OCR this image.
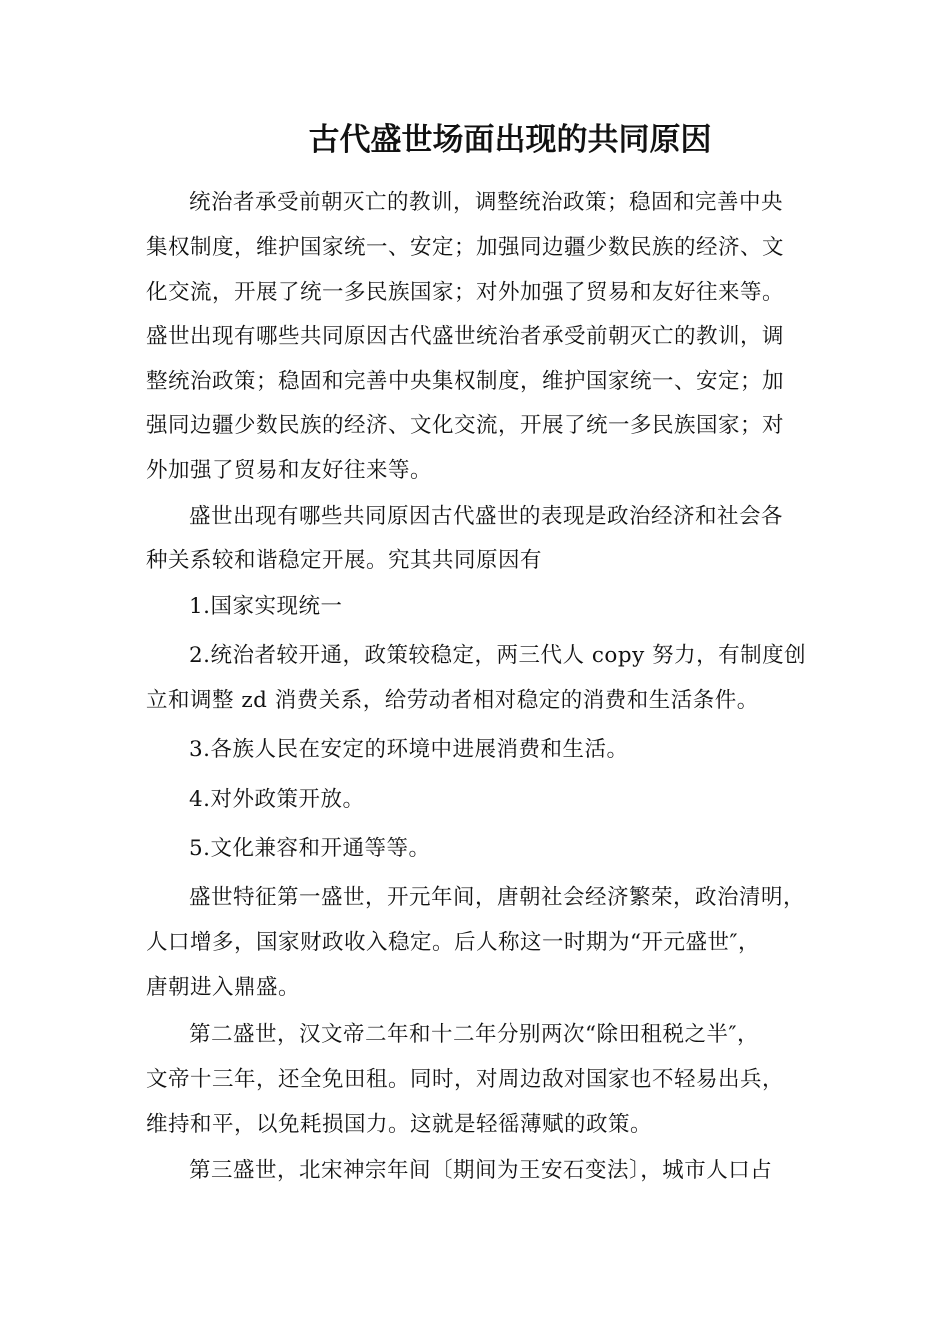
古代盛世场面出现的共同原因
统治者承受前朝灭亡的教训，调整统治政策；稳固和完善中央
集权制度，维护国家统一、安定；加强同边疆少数民族的经济、文
化交流，开展了统一多民族国家；对外加强了贸易和友好往来等。
盛世出现有哪些共同原因古代盛世统治者承受前朝灭亡的教训，调
整统治政策；稳固和完善中央集权制度，维护国家统一、安定；加
强同边疆少数民族的经济、文化交流，开展了统一多民族国家；对
外加强了贸易和友好往来等。
盛世出现有哪些共同原因古代盛世的表现是政治经济和社会各
种关系较和谐稳定开展。究其共同原因有
1.国家实现统一
2.统治者较开通，政策较稳定，两三代人 copy 努力，有制度创
立和调整 zd 消费关系，给劳动者相对稳定的消费和生活条件。
3.各族人民在安定的环境中进展消费和生活。
4.对外政策开放。
5.文化兼容和开通等等。
盛世特征第一盛世，开元年间，唐朝社会经济繁荣，政治清明，
人口增多，国家财政收入稳定。后人称这一时期为“开元盛世″，
唐朝进入鼎盛。
第二盛世，汉文帝二年和十二年分别两次“除田租税之半″，
文帝十三年，还全免田租。同时，对周边敌对国家也不轻易出兵，
维持和平，以免耗损国力。这就是轻徭薄赋的政策。
第三盛世，北宋神宗年间〔期间为王安石变法〕，城市人口占
